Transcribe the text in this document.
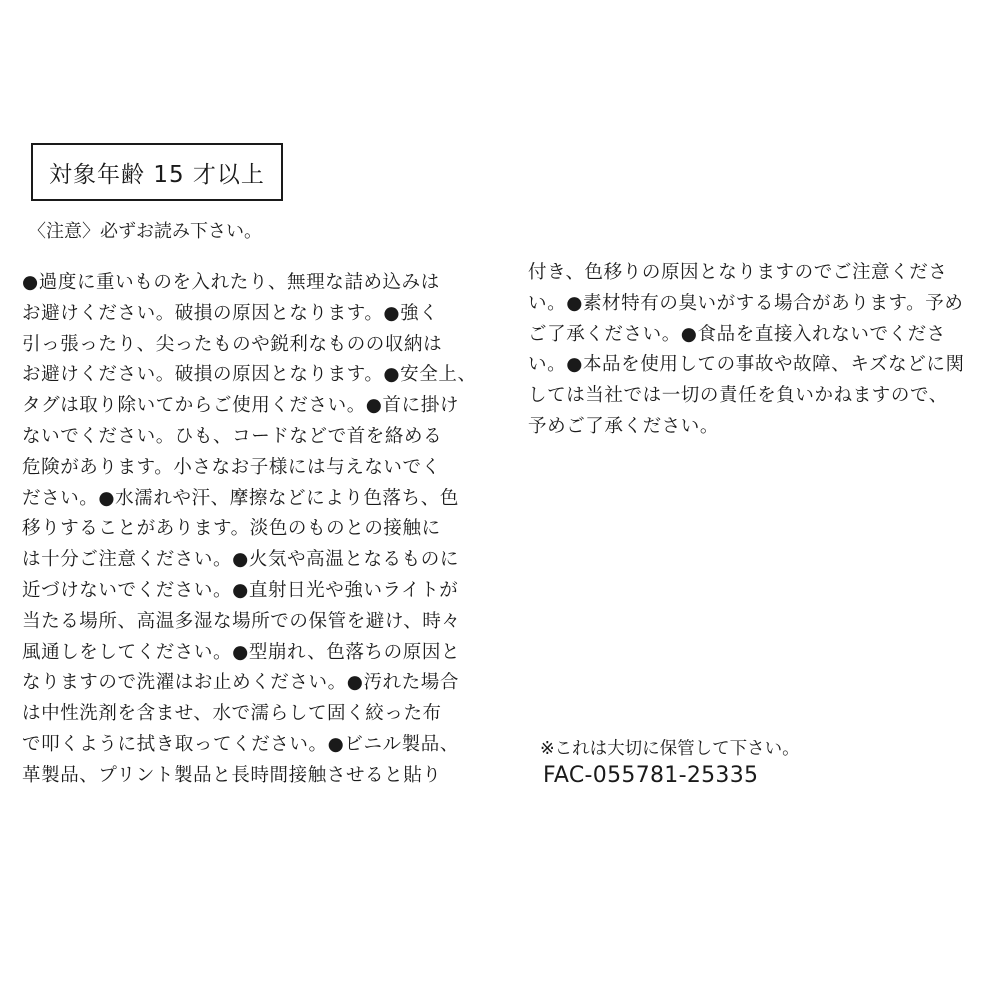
対象年齢 15 才以上
〈注意〉必ずお読み下さい。
●過度に重いものを入れたり、無理な詰め込みは
お避けください。破損の原因となります。●強く
引っ張ったり、尖ったものや鋭利なものの収納は
お避けください。破損の原因となります。●安全上、
タグは取り除いてからご使用ください。●首に掛け
ないでください。ひも、コードなどで首を絡める
危険があります。小さなお子様には与えないでく
ださい。●水濡れや汗、摩擦などにより色落ち、色
移りすることがあります。淡色のものとの接触に
は十分ご注意ください。●火気や高温となるものに
近づけないでください。●直射日光や強いライトが
当たる場所、高温多湿な場所での保管を避け、時々
風通しをしてください。●型崩れ、色落ちの原因と
なりますので洗濯はお止めください。●汚れた場合
は中性洗剤を含ませ、水で濡らして固く絞った布
で叩くように拭き取ってください。●ビニル製品、
革製品、プリント製品と長時間接触させると貼り
付き、色移りの原因となりますのでご注意くださ
い。●素材特有の臭いがする場合があります。予め
ご了承ください。●食品を直接入れないでくださ
い。●本品を使用しての事故や故障、キズなどに関
しては当社では一切の責任を負いかねますので、
予めご了承ください。
※これは大切に保管して下さい。
FAC-055781-25335
